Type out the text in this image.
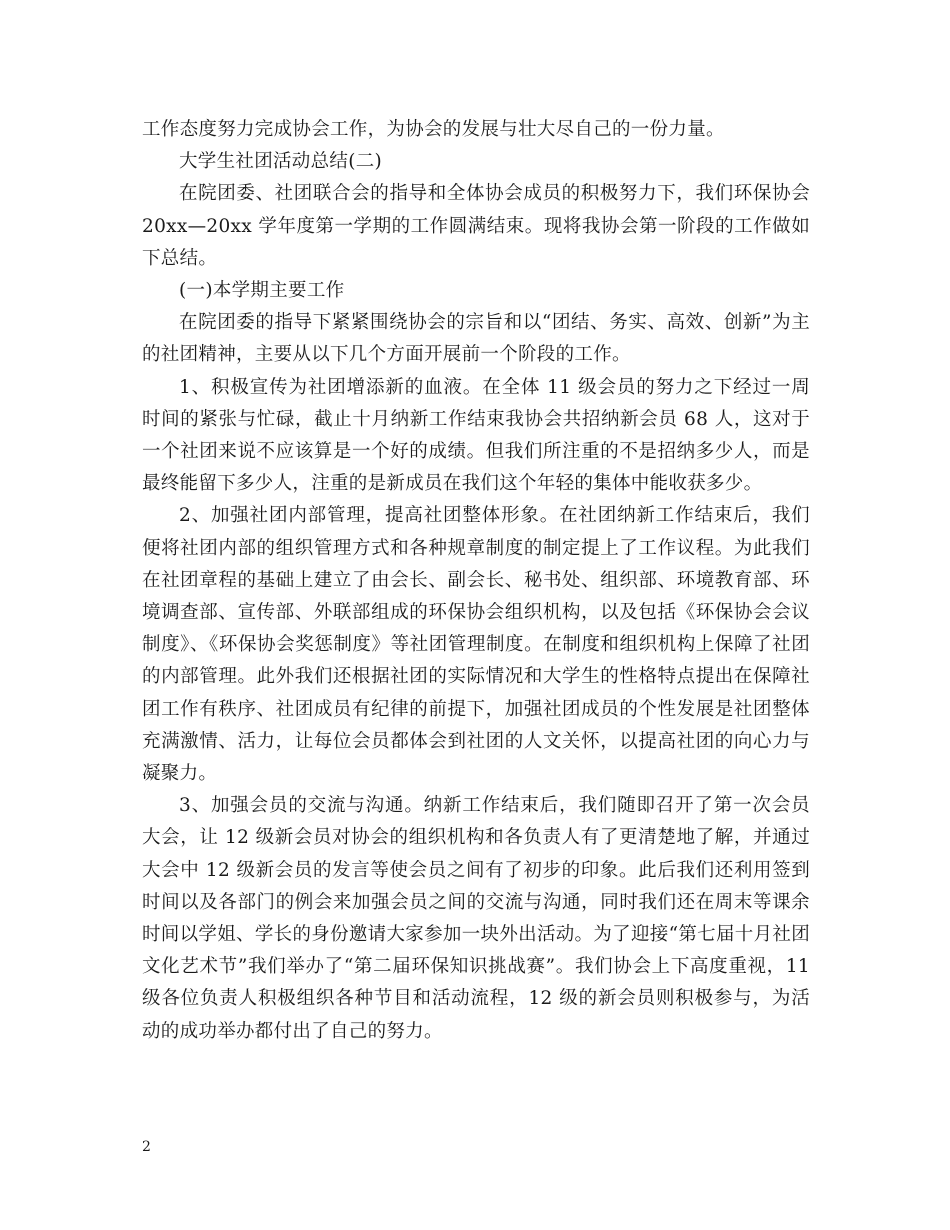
工作态度努力完成协会工作，为协会的发展与壮大尽自己的一份力量。

大学生社团活动总结(二)

在院团委、社团联合会的指导和全体协会成员的积极努力下，我们环保协会20xx—20xx 学年度第一学期的工作圆满结束。现将我协会第一阶段的工作做如下总结。

(一)本学期主要工作

在院团委的指导下紧紧围绕协会的宗旨和以“团结、务实、高效、创新”为主的社团精神，主要从以下几个方面开展前一个阶段的工作。

1、积极宣传为社团增添新的血液。在全体 11 级会员的努力之下经过一周时间的紧张与忙碌，截止十月纳新工作结束我协会共招纳新会员 68 人，这对于一个社团来说不应该算是一个好的成绩。但我们所注重的不是招纳多少人，而是最终能留下多少人，注重的是新成员在我们这个年轻的集体中能收获多少。

2、加强社团内部管理，提高社团整体形象。在社团纳新工作结束后，我们便将社团内部的组织管理方式和各种规章制度的制定提上了工作议程。为此我们在社团章程的基础上建立了由会长、副会长、秘书处、组织部、环境教育部、环境调查部、宣传部、外联部组成的环保协会组织机构，以及包括《环保协会会议制度》、《环保协会奖惩制度》等社团管理制度。在制度和组织机构上保障了社团的内部管理。此外我们还根据社团的实际情况和大学生的性格特点提出在保障社团工作有秩序、社团成员有纪律的前提下，加强社团成员的个性发展是社团整体充满激情、活力，让每位会员都体会到社团的人文关怀，以提高社团的向心力与凝聚力。

3、加强会员的交流与沟通。纳新工作结束后，我们随即召开了第一次会员大会，让 12 级新会员对协会的组织机构和各负责人有了更清楚地了解，并通过大会中 12 级新会员的发言等使会员之间有了初步的印象。此后我们还利用签到时间以及各部门的例会来加强会员之间的交流与沟通，同时我们还在周末等课余时间以学姐、学长的身份邀请大家参加一块外出活动。为了迎接“第七届十月社团文化艺术节”我们举办了“第二届环保知识挑战赛”。我们协会上下高度重视，11 级各位负责人积极组织各种节目和活动流程，12 级的新会员则积极参与，为活动的成功举办都付出了自己的努力。

2
